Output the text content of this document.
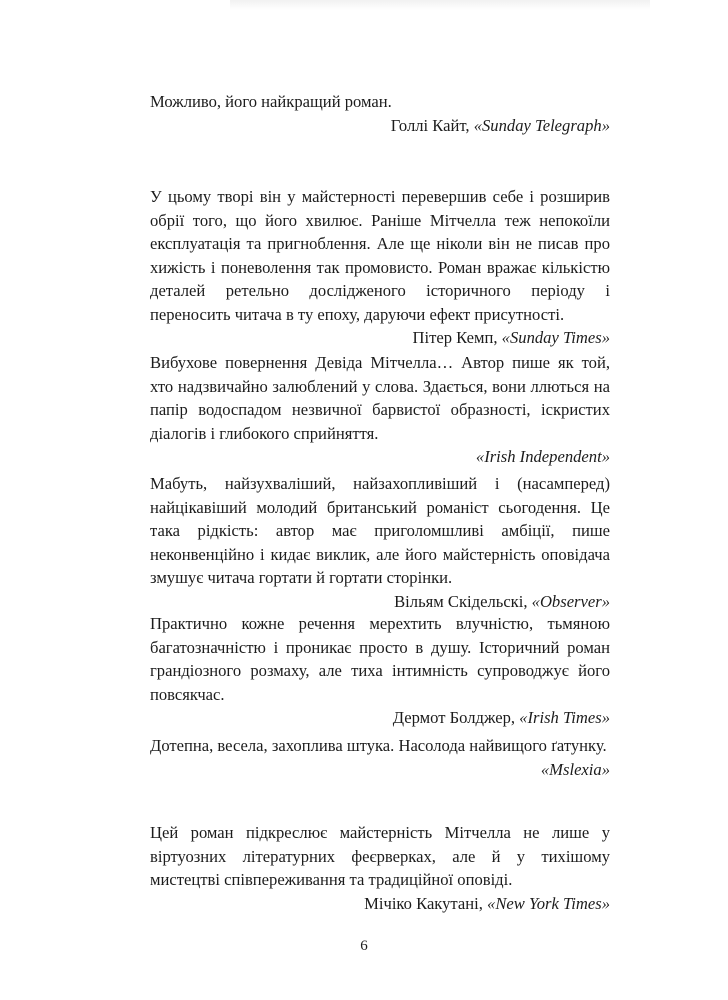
Можливо, його найкращий роман.

Голлі Кайт, «Sunday Telegraph»

У цьому творі він у майстерності перевершив себе і розширив обрії того, що його хвилює. Раніше Мітчелла теж непокоїли експлуатація та пригноблення. Але ще ніколи він не писав про хижість і поневолення так промовисто. Роман вражає кількістю деталей ретельно дослідженого історичного періоду і переносить читача в ту епоху, даруючи ефект присутності.

Пітер Кемп, «Sunday Times»

Вибухове повернення Девіда Мітчелла… Автор пише як той, хто надзвичайно залюблений у слова. Здається, вони ллються на папір водоспадом незвичної барвистої образності, іскристих діалогів і глибокого сприйняття.

«Irish Independent»

Мабуть, найзухваліший, найзахопливіший і (насамперед) найцікавіший молодий британський романіст сьогодення. Це така рідкість: автор має приголомшливі амбіції, пише неконвенційно і кидає виклик, але його майстерність оповідача змушує читача гортати й гортати сторінки.

Вільям Скідельскі, «Observer»

Практично кожне речення мерехтить влучністю, тьмяною багатозначністю і проникає просто в душу. Історичний роман грандіозного розмаху, але тиха інтимність супроводжує його повсякчас.

Дермот Болджер, «Irish Times»

Дотепна, весела, захоплива штука. Насолода найвищого ґатунку.

«Mslexia»

Цей роман підкреслює майстерність Мітчелла не лише у віртуозних літературних феєрверках, але й у тихішому мистецтві співпереживання та традиційної оповіді.

Мічіко Какутані, «New York Times»

6
